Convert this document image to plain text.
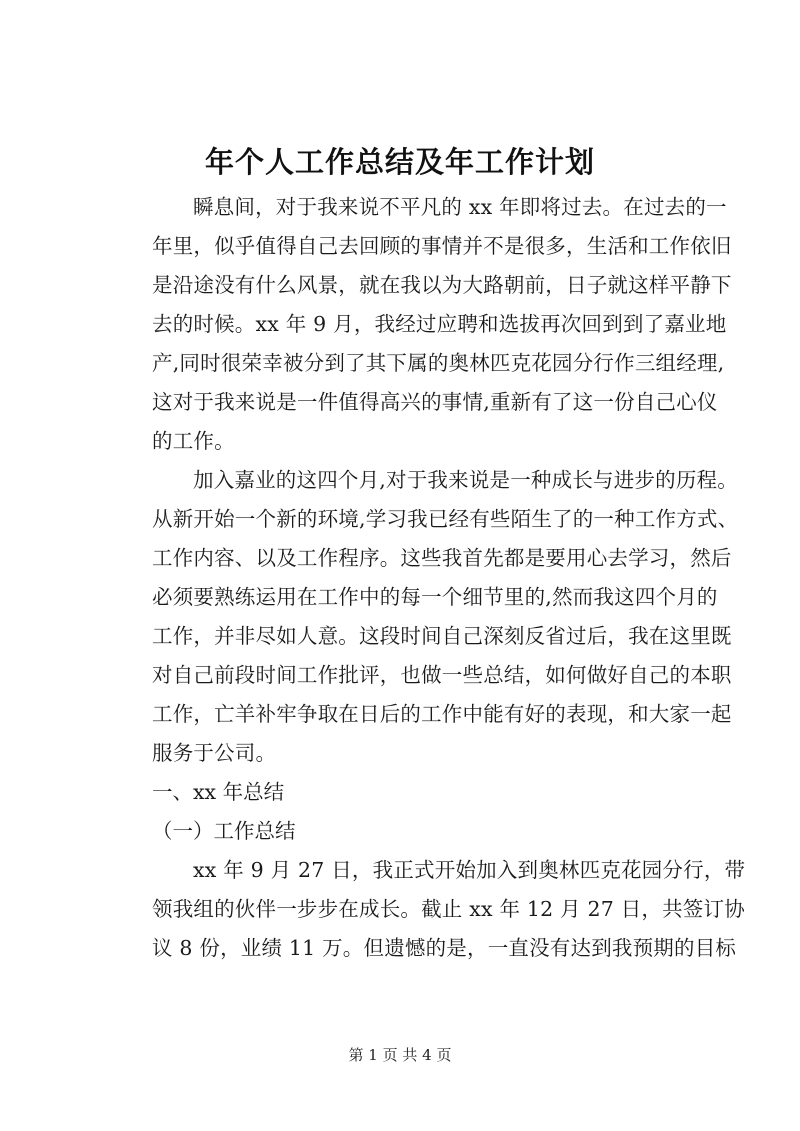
年个人工作总结及年工作计划
瞬息间，对于我来说不平凡的 xx 年即将过去。在过去的一
年里，似乎值得自己去回顾的事情并不是很多，生活和工作依旧
是沿途没有什么风景，就在我以为大路朝前，日子就这样平静下
去的时候。xx 年 9 月，我经过应聘和选拔再次回到到了嘉业地
产,同时很荣幸被分到了其下属的奥林匹克花园分行作三组经理,
这对于我来说是一件值得高兴的事情,重新有了这一份自己心仪
的工作。
加入嘉业的这四个月,对于我来说是一种成长与进步的历程。
从新开始一个新的环境,学习我已经有些陌生了的一种工作方式、
工作内容、以及工作程序。这些我首先都是要用心去学习，然后
必须要熟练运用在工作中的每一个细节里的,然而我这四个月的
工作，并非尽如人意。这段时间自己深刻反省过后，我在这里既
对自己前段时间工作批评，也做一些总结，如何做好自己的本职
工作，亡羊补牢争取在日后的工作中能有好的表现，和大家一起
服务于公司。
一、xx 年总结
（一）工作总结
xx 年 9 月 27 日，我正式开始加入到奥林匹克花园分行，带
领我组的伙伴一步步在成长。截止 xx 年 12 月 27 日，共签订协
议 8 份，业绩 11 万。但遗憾的是，一直没有达到我预期的目标
第 1 页 共 4 页
